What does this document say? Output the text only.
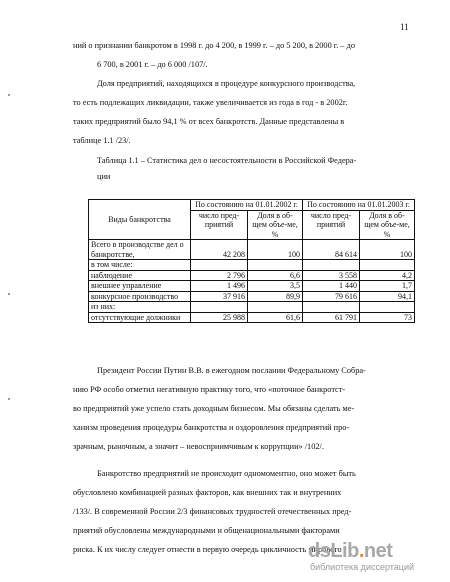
11
ний о признании банкротом в 1998 г. до 4 200, в 1999 г. – до 5 200, в 2000 г. – до
6 700, в 2001 г. – до 6 000 /107/.
Доля предприятий, находящихся в процедуре конкурсного производства,
то есть подлежащих ликвидации, также увеличивается из года в год - в 2002г.
таких предприятий было 94,1 % от всех банкротств. Данные представлены в
таблице 1.1 /23/.
Таблица 1.1 – Статистика дел о несостоятельности в Российской Федера-
ции
Виды банкротства	По состоянию на 01.01.2002 г.		По состоянию на 01.01.2003 г.	
	число пред-приятий	Доля в об-щем объе-ме, %	число пред-приятий	Доля в об-щем объе-ме, %
Всего в производстве дел о банкротстве,	42 208	100	84 614	100
в том числе:				
наблюдение	2 796	6,6	3 558	4,2
внешнее управление	1 496	3,5	1 440	1,7
конкурсное производство	37 916	89,9	79 616	94,1
из них:				
отсутствующие должники	25 988	61,6	61 791	73
Президент России Путин В.В. в ежегодном послании Федеральному Собра-
нию РФ особо отметил негативную практику того, что «поточное банкротст-
во предприятий уже успело стать доходным бизнесом. Мы обязаны сделать ме-
ханизм проведения процедуры банкротства и оздоровления предприятий про-
зрачным, рыночным, а значит – невосприимчивым к коррупции» /102/.
Банкротство предприятий не происходит одномоментно, оно может быть
обусловлено комбинацией разных факторов, как внешних так и внутренних
/133/. В современной России 2/3 финансовых трудностей отечественных пред-
приятий обусловлены международными и общенациональными факторами
риска. К их числу следует отнести в первую очередь цикличность мирового
dsLib.net
библиотека диссертаций
